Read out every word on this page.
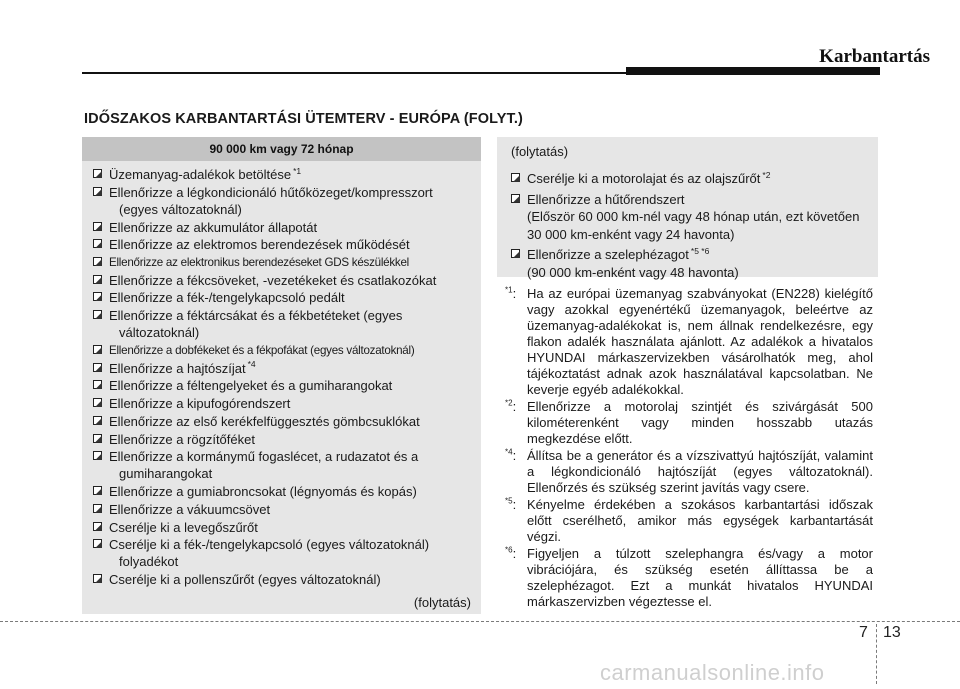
Karbantartás
IDŐSZAKOS KARBANTARTÁSI ÜTEMTERV - EURÓPA (FOLYT.)
90 000 km vagy 72 hónap
Üzemanyag-adalékok betöltése $^{*1}$
Ellenőrizze a légkondicionáló hűtőközeget/kompresszort
(egyes változatoknál)
Ellenőrizze az akkumulátor állapotát
Ellenőrizze az elektromos berendezések működését
Ellenőrizze az elektronikus berendezéseket GDS készülékkel
Ellenőrizze a fékcsöveket, -vezetékeket és csatlakozókat
Ellenőrizze a fék-/tengelykapcsoló pedált
Ellenőrizze a féktárcsákat és a fékbetéteket (egyes
változatoknál)
Ellenőrizze a dobfékeket és a fékpofákat (egyes változatoknál)
Ellenőrizze a hajtószíjat $^{*4}$
Ellenőrizze a féltengelyeket és a gumiharangokat
Ellenőrizze a kipufogórendszert
Ellenőrizze az első kerékfelfüggesztés gömbcsuklókat
Ellenőrizze a rögzítőféket
Ellenőrizze a kormánymű fogaslécet, a rudazatot és a
gumiharangokat
Ellenőrizze a gumiabroncsokat (légnyomás és kopás)
Ellenőrizze a vákuumcsövet
Cserélje ki a levegőszűrőt
Cserélje ki a fék-/tengelykapcsoló (egyes változatoknál)
folyadékot
Cserélje ki a pollenszűrőt (egyes változatoknál)
(folytatás)
(folytatás)
Cserélje ki a motorolajat és az olajszűrőt $^{*2}$
Ellenőrizze a hűtőrendszert
(Először 60 000 km-nél vagy 48 hónap után, ezt követően 30 000 km-enként vagy 24 havonta)
Ellenőrizze a szelephézagot $^{*5 *6}$
(90 000 km-enként vagy 48 havonta)
$^{*1}$: Ha az európai üzemanyag szabványokat (EN228) kielégítő vagy azokkal egyenértékű üzemanyagok, beleértve az üzemanyag-adalékokat is, nem állnak rendelkezésre, egy flakon adalék használata ajánlott. Az adalékok a hivatalos HYUNDAI márkaszervizekben vásárolhatók meg, ahol tájékoztatást adnak azok használatával kapcsolatban. Ne keverje egyéb adalékokkal.
$^{*2}$: Ellenőrizze a motorolaj szintjét és szivárgását 500 kilométerenként vagy minden hosszabb utazás megkezdése előtt.
$^{*4}$: Állítsa be a generátor és a vízszivattyú hajtószíját, valamint a légkondicionáló hajtószíját (egyes változatoknál). Ellenőrzés és szükség szerint javítás vagy csere.
$^{*5}$: Kényelme érdekében a szokásos karbantartási időszak előtt cserélhető, amikor más egységek karbantartását végzi.
$^{*6}$: Figyeljen a túlzott szelephangra és/vagy a motor vibrációjára, és szükség esetén állíttassa be a szelephézagot. Ezt a munkát hivatalos HYUNDAI márkaszervizben végeztesse el.
7 13
carmanualsonline.info
